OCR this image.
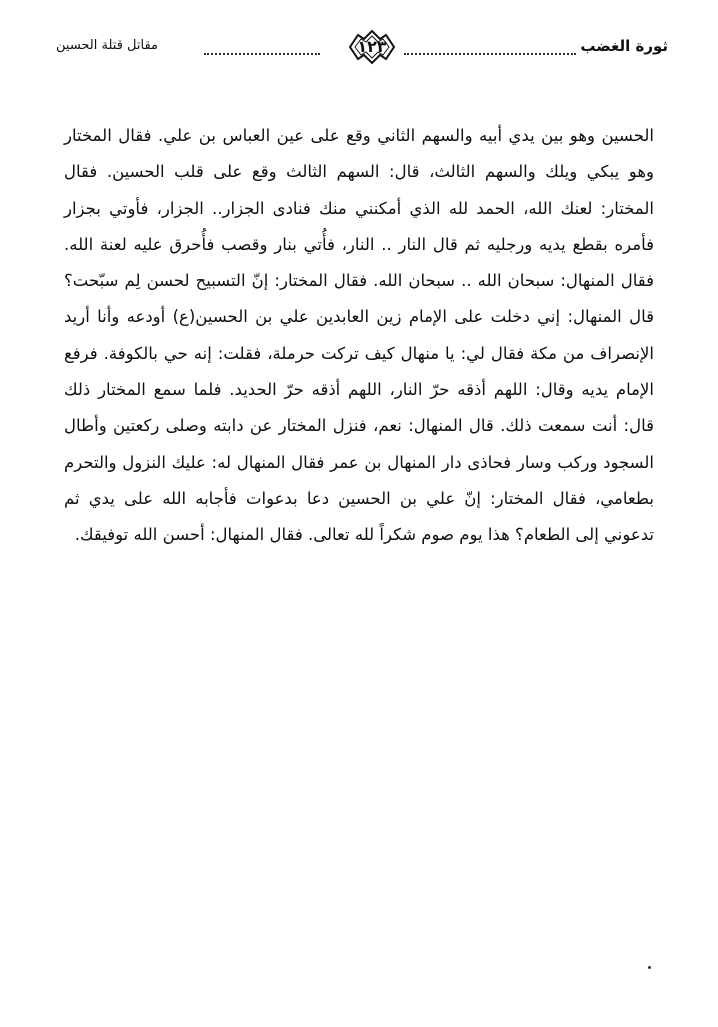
ثورة الغضب
١٢٣
مقاتل قتلة الحسين

الحسين وهو بين يدي أبيه والسهم الثاني وقع على عين العباس بن علي. فقال المختار وهو يبكي ويلك والسهم الثالث، قال: السهم الثالث وقع على قلب الحسين. فقال المختار: لعنك الله، الحمد لله الذي أمكنني منك فنادى الجزار.. الجزار، فأوتي بجزار فأمره بقطع يديه ورجليه ثم قال النار .. النار، فأُتي بنار وقصب فأُحرق عليه لعنة الله. فقال المنهال: سبحان الله .. سبحان الله. فقال المختار: إنّ التسبيح لحسن لِم سبّحت؟ قال المنهال: إني دخلت على الإمام زين العابدين علي بن الحسين(ع) أودعه وأنا أريد الإنصراف من مكة فقال لي: يا منهال كيف تركت حرملة، فقلت: إنه حي بالكوفة. فرفع الإمام يديه وقال: اللهم أذقه حرّ النار، اللهم أذقه حرّ الحديد. فلما سمع المختار ذلك قال: أنت سمعت ذلك. قال المنهال: نعم، فنزل المختار عن دابته وصلى ركعتين وأطال السجود وركب وسار فحاذى دار المنهال بن عمر فقال المنهال له: عليك النزول والتحرم بطعامي، فقال المختار: إنّ علي بن الحسين دعا بدعوات فأجابه الله على يدي ثم تدعوني إلى الطعام؟ هذا يوم صوم شكراً لله تعالى. فقال المنهال: أحسن الله توفيقك.
